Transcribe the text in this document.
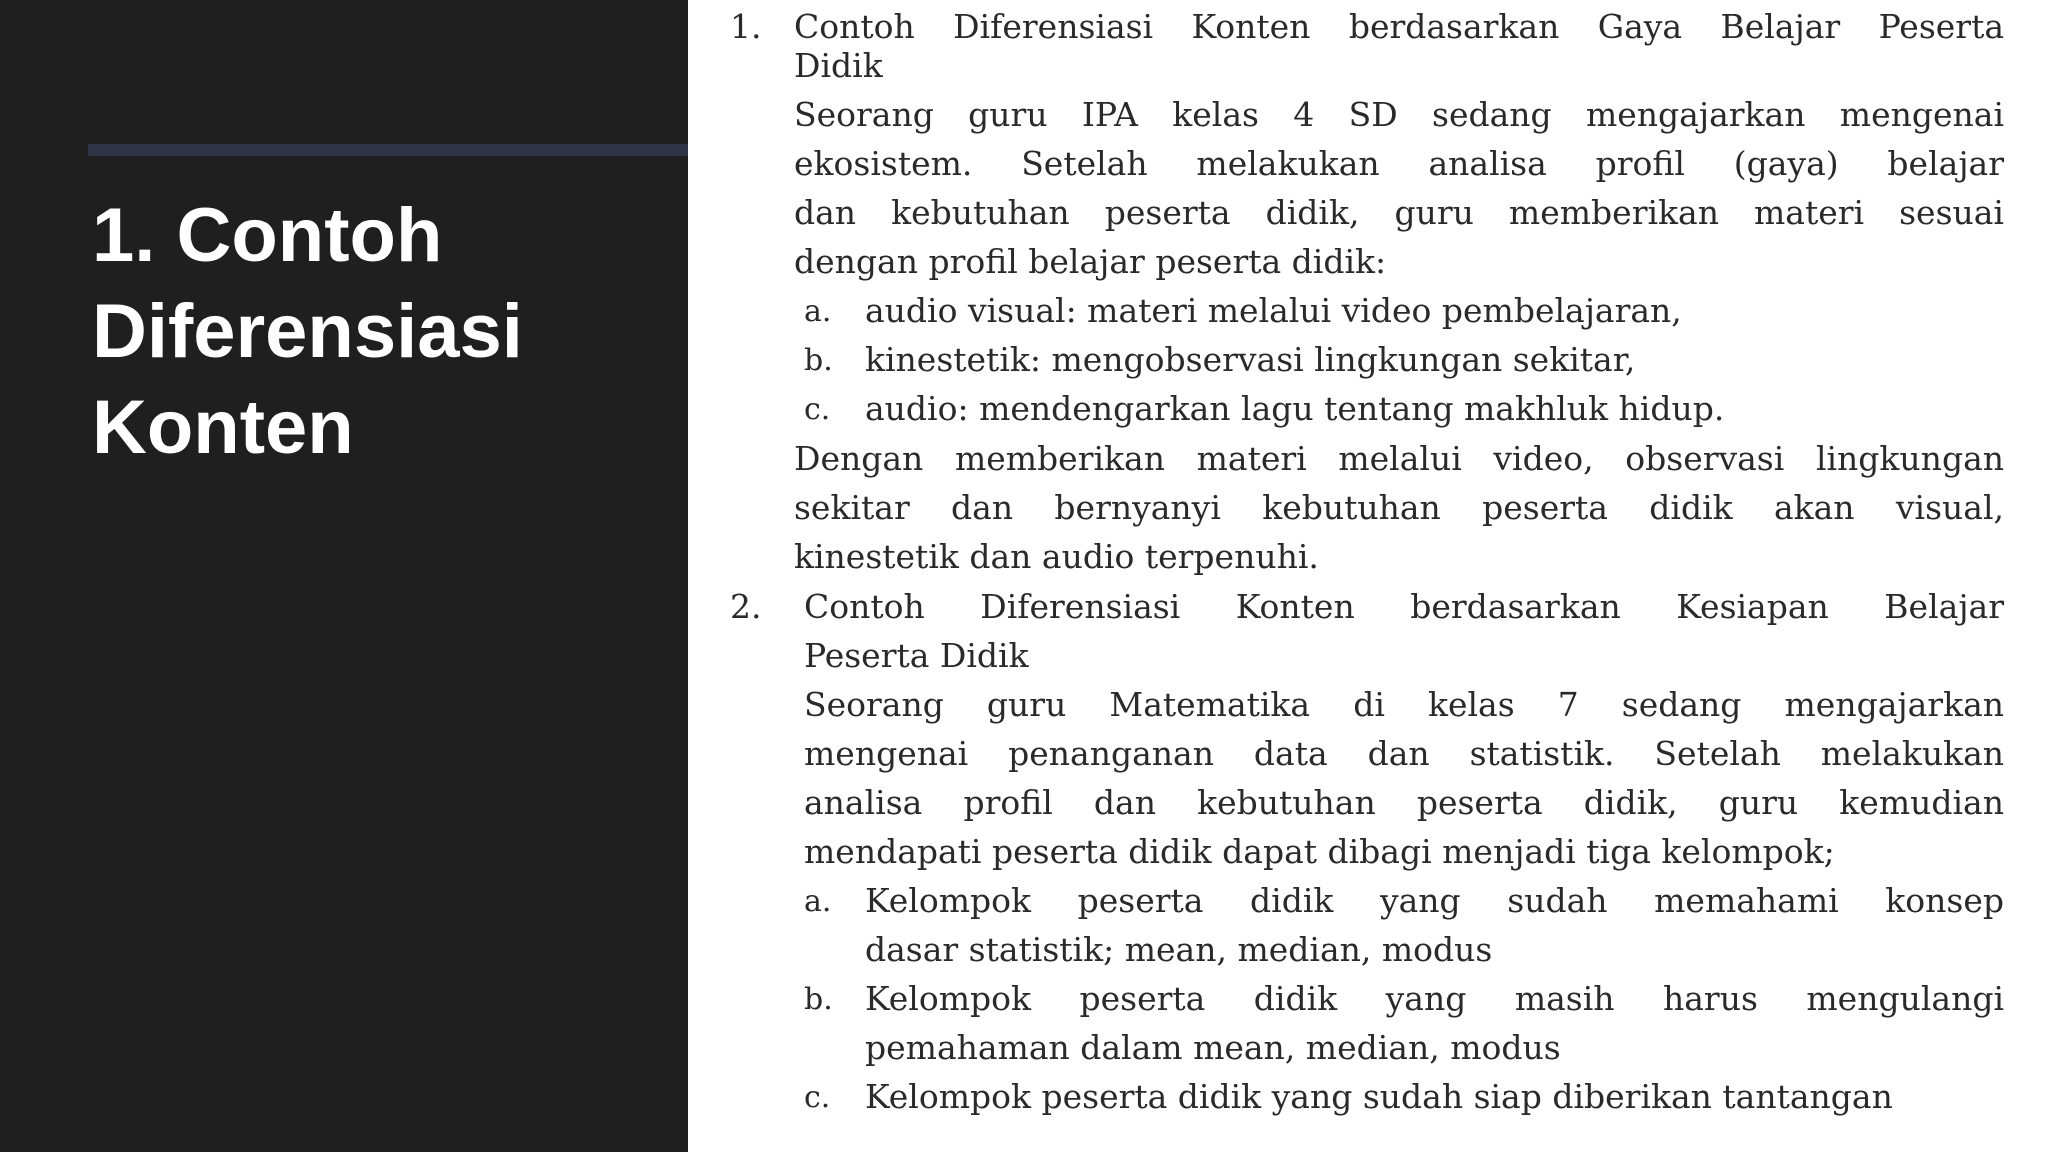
1. Contoh
Diferensiasi
Konten
1. Contoh Diferensiasi Konten berdasarkan Gaya Belajar Peserta
Didik
Seorang guru IPA kelas 4 SD sedang mengajarkan mengenai
ekosistem. Setelah melakukan analisa profil (gaya) belajar
dan kebutuhan peserta didik, guru memberikan materi sesuai
dengan profil belajar peserta didik:
a. audio visual: materi melalui video pembelajaran,
b. kinestetik: mengobservasi lingkungan sekitar,
c. audio: mendengarkan lagu tentang makhluk hidup.
Dengan memberikan materi melalui video, observasi lingkungan
sekitar dan bernyanyi kebutuhan peserta didik akan visual,
kinestetik dan audio terpenuhi.
2. Contoh Diferensiasi Konten berdasarkan Kesiapan Belajar
Peserta Didik
Seorang guru Matematika di kelas 7 sedang mengajarkan
mengenai penanganan data dan statistik. Setelah melakukan
analisa profil dan kebutuhan peserta didik, guru kemudian
mendapati peserta didik dapat dibagi menjadi tiga kelompok;
a. Kelompok peserta didik yang sudah memahami konsep
dasar statistik; mean, median, modus
b. Kelompok peserta didik yang masih harus mengulangi
pemahaman dalam mean, median, modus
c. Kelompok peserta didik yang sudah siap diberikan tantangan
